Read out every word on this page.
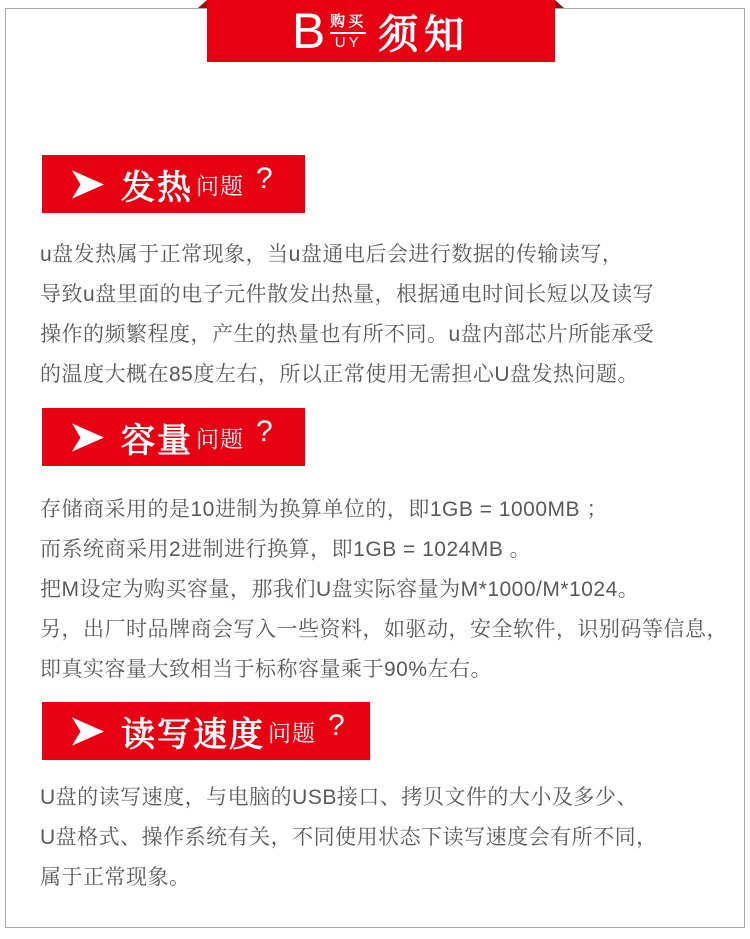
B 购买
UY 须知
发热 问题 ?
u盘发热属于正常现象，当u盘通电后会进行数据的传输读写，
导致u盘里面的电子元件散发出热量，根据通电时间长短以及读写
操作的频繁程度，产生的热量也有所不同。u盘内部芯片所能承受
的温度大概在85度左右，所以正常使用无需担心U盘发热问题。
容量 问题 ?
存储商采用的是10进制为换算单位的，即1GB = 1000MB ；
而系统商采用2进制进行换算，即1GB = 1024MB 。
把M设定为购买容量，那我们U盘实际容量为M*1000/M*1024。
另，出厂时品牌商会写入一些资料，如驱动，安全软件，识别码等信息，
即真实容量大致相当于标称容量乘于90%左右。
读写速度 问题 ?
U盘的读写速度，与电脑的USB接口、拷贝文件的大小及多少、
U盘格式、操作系统有关，不同使用状态下读写速度会有所不同，
属于正常现象。
